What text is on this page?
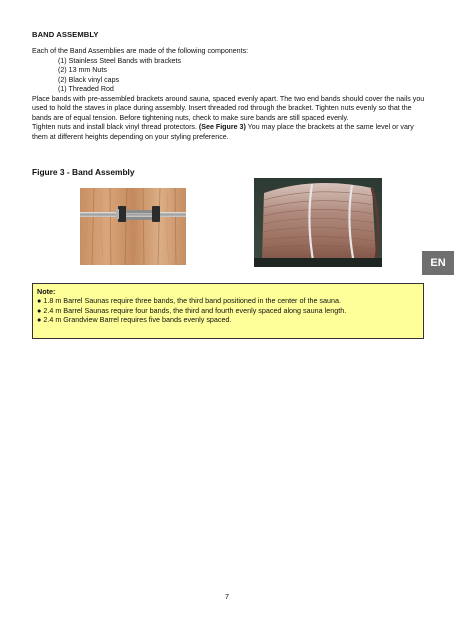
BAND ASSEMBLY

Each of the Band Assemblies are made of the following components:

(1) Stainless Steel Bands with brackets
(2) 13 mm Nuts
(2) Black vinyl caps
(1) Threaded Rod

Place bands with pre-assembled brackets around sauna, spaced evenly apart. The two end bands should cover the nails you used to hold the staves in place during assembly. Insert threaded rod through the bracket. Tighten nuts evenly so that the bands are of equal tension. Before tightening nuts, check to make sure bands are still spaced evenly.

Tighten nuts and install black vinyl thread protectors. (See Figure 3) You may place the brackets at the same level or vary them at different heights depending on your styling preference.

Figure 3 - Band Assembly
EN
Note:
● 1.8 m Barrel Saunas require three bands, the third band positioned in the center of the sauna.
● 2.4 m Barrel Saunas require four bands, the third and fourth evenly spaced along sauna length.
● 2.4 m Grandview Barrel requires five bands evenly spaced.
7
